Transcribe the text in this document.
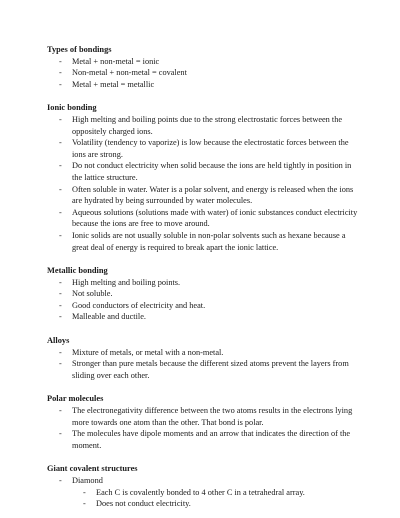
Types of bondings

- Metal + non-metal = ionic
- Non-metal + non-metal = covalent
- Metal + metal = metallic

Ionic bonding

- High melting and boiling points due to the strong electrostatic forces between the oppositely charged ions.
- Volatility (tendency to vaporize) is low because the electrostatic forces between the ions are strong.
- Do not conduct electricity when solid because the ions are held tightly in position in the lattice structure.
- Often soluble in water. Water is a polar solvent, and energy is released when the ions are hydrated by being surrounded by water molecules.
- Aqueous solutions (solutions made with water) of ionic substances conduct electricity because the ions are free to move around.
- Ionic solids are not usually soluble in non-polar solvents such as hexane because a great deal of energy is required to break apart the ionic lattice.

Metallic bonding

- High melting and boiling points.
- Not soluble.
- Good conductors of electricity and heat.
- Malleable and ductile.

Alloys

- Mixture of metals, or metal with a non-metal.
- Stronger than pure metals because the different sized atoms prevent the layers from sliding over each other.

Polar molecules

- The electronegativity difference between the two atoms results in the electrons lying more towards one atom than the other. That bond is polar.
- The molecules have dipole moments and an arrow that indicates the direction of the moment.

Giant covalent structures

- Diamond
- Each C is covalently bonded to 4 other C in a tetrahedral array.
- Does not conduct electricity.
